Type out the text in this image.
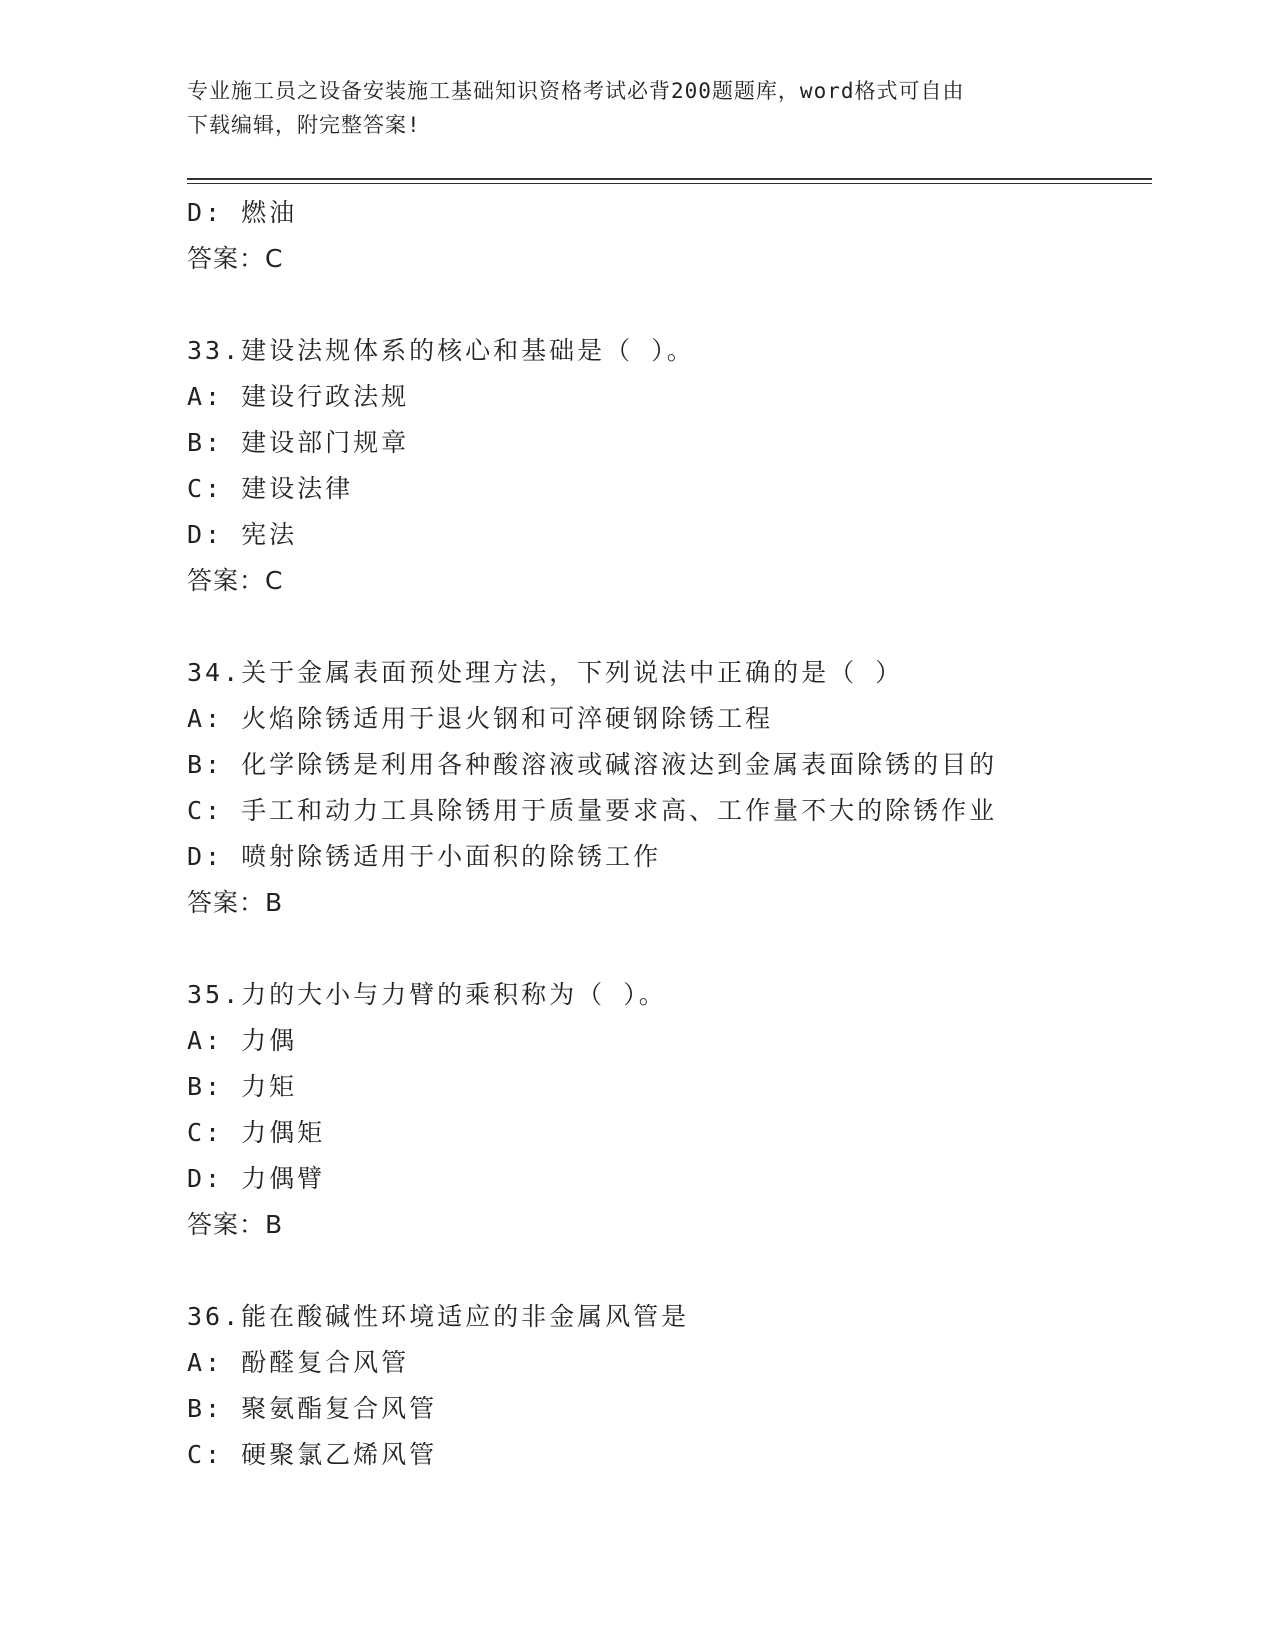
专业施工员之设备安装施工基础知识资格考试必背200题题库，word格式可自由
下载编辑，附完整答案!
D: 燃油
答案：C
33.建设法规体系的核心和基础是（ ）。
A: 建设行政法规
B: 建设部门规章
C: 建设法律
D: 宪法
答案：C
34.关于金属表面预处理方法，下列说法中正确的是（ ）
A: 火焰除锈适用于退火钢和可淬硬钢除锈工程
B: 化学除锈是利用各种酸溶液或碱溶液达到金属表面除锈的目的
C: 手工和动力工具除锈用于质量要求高、工作量不大的除锈作业
D: 喷射除锈适用于小面积的除锈工作
答案：B
35.力的大小与力臂的乘积称为（ ）。
A: 力偶
B: 力矩
C: 力偶矩
D: 力偶臂
答案：B
36.能在酸碱性环境适应的非金属风管是
A: 酚醛复合风管
B: 聚氨酯复合风管
C: 硬聚氯乙烯风管
